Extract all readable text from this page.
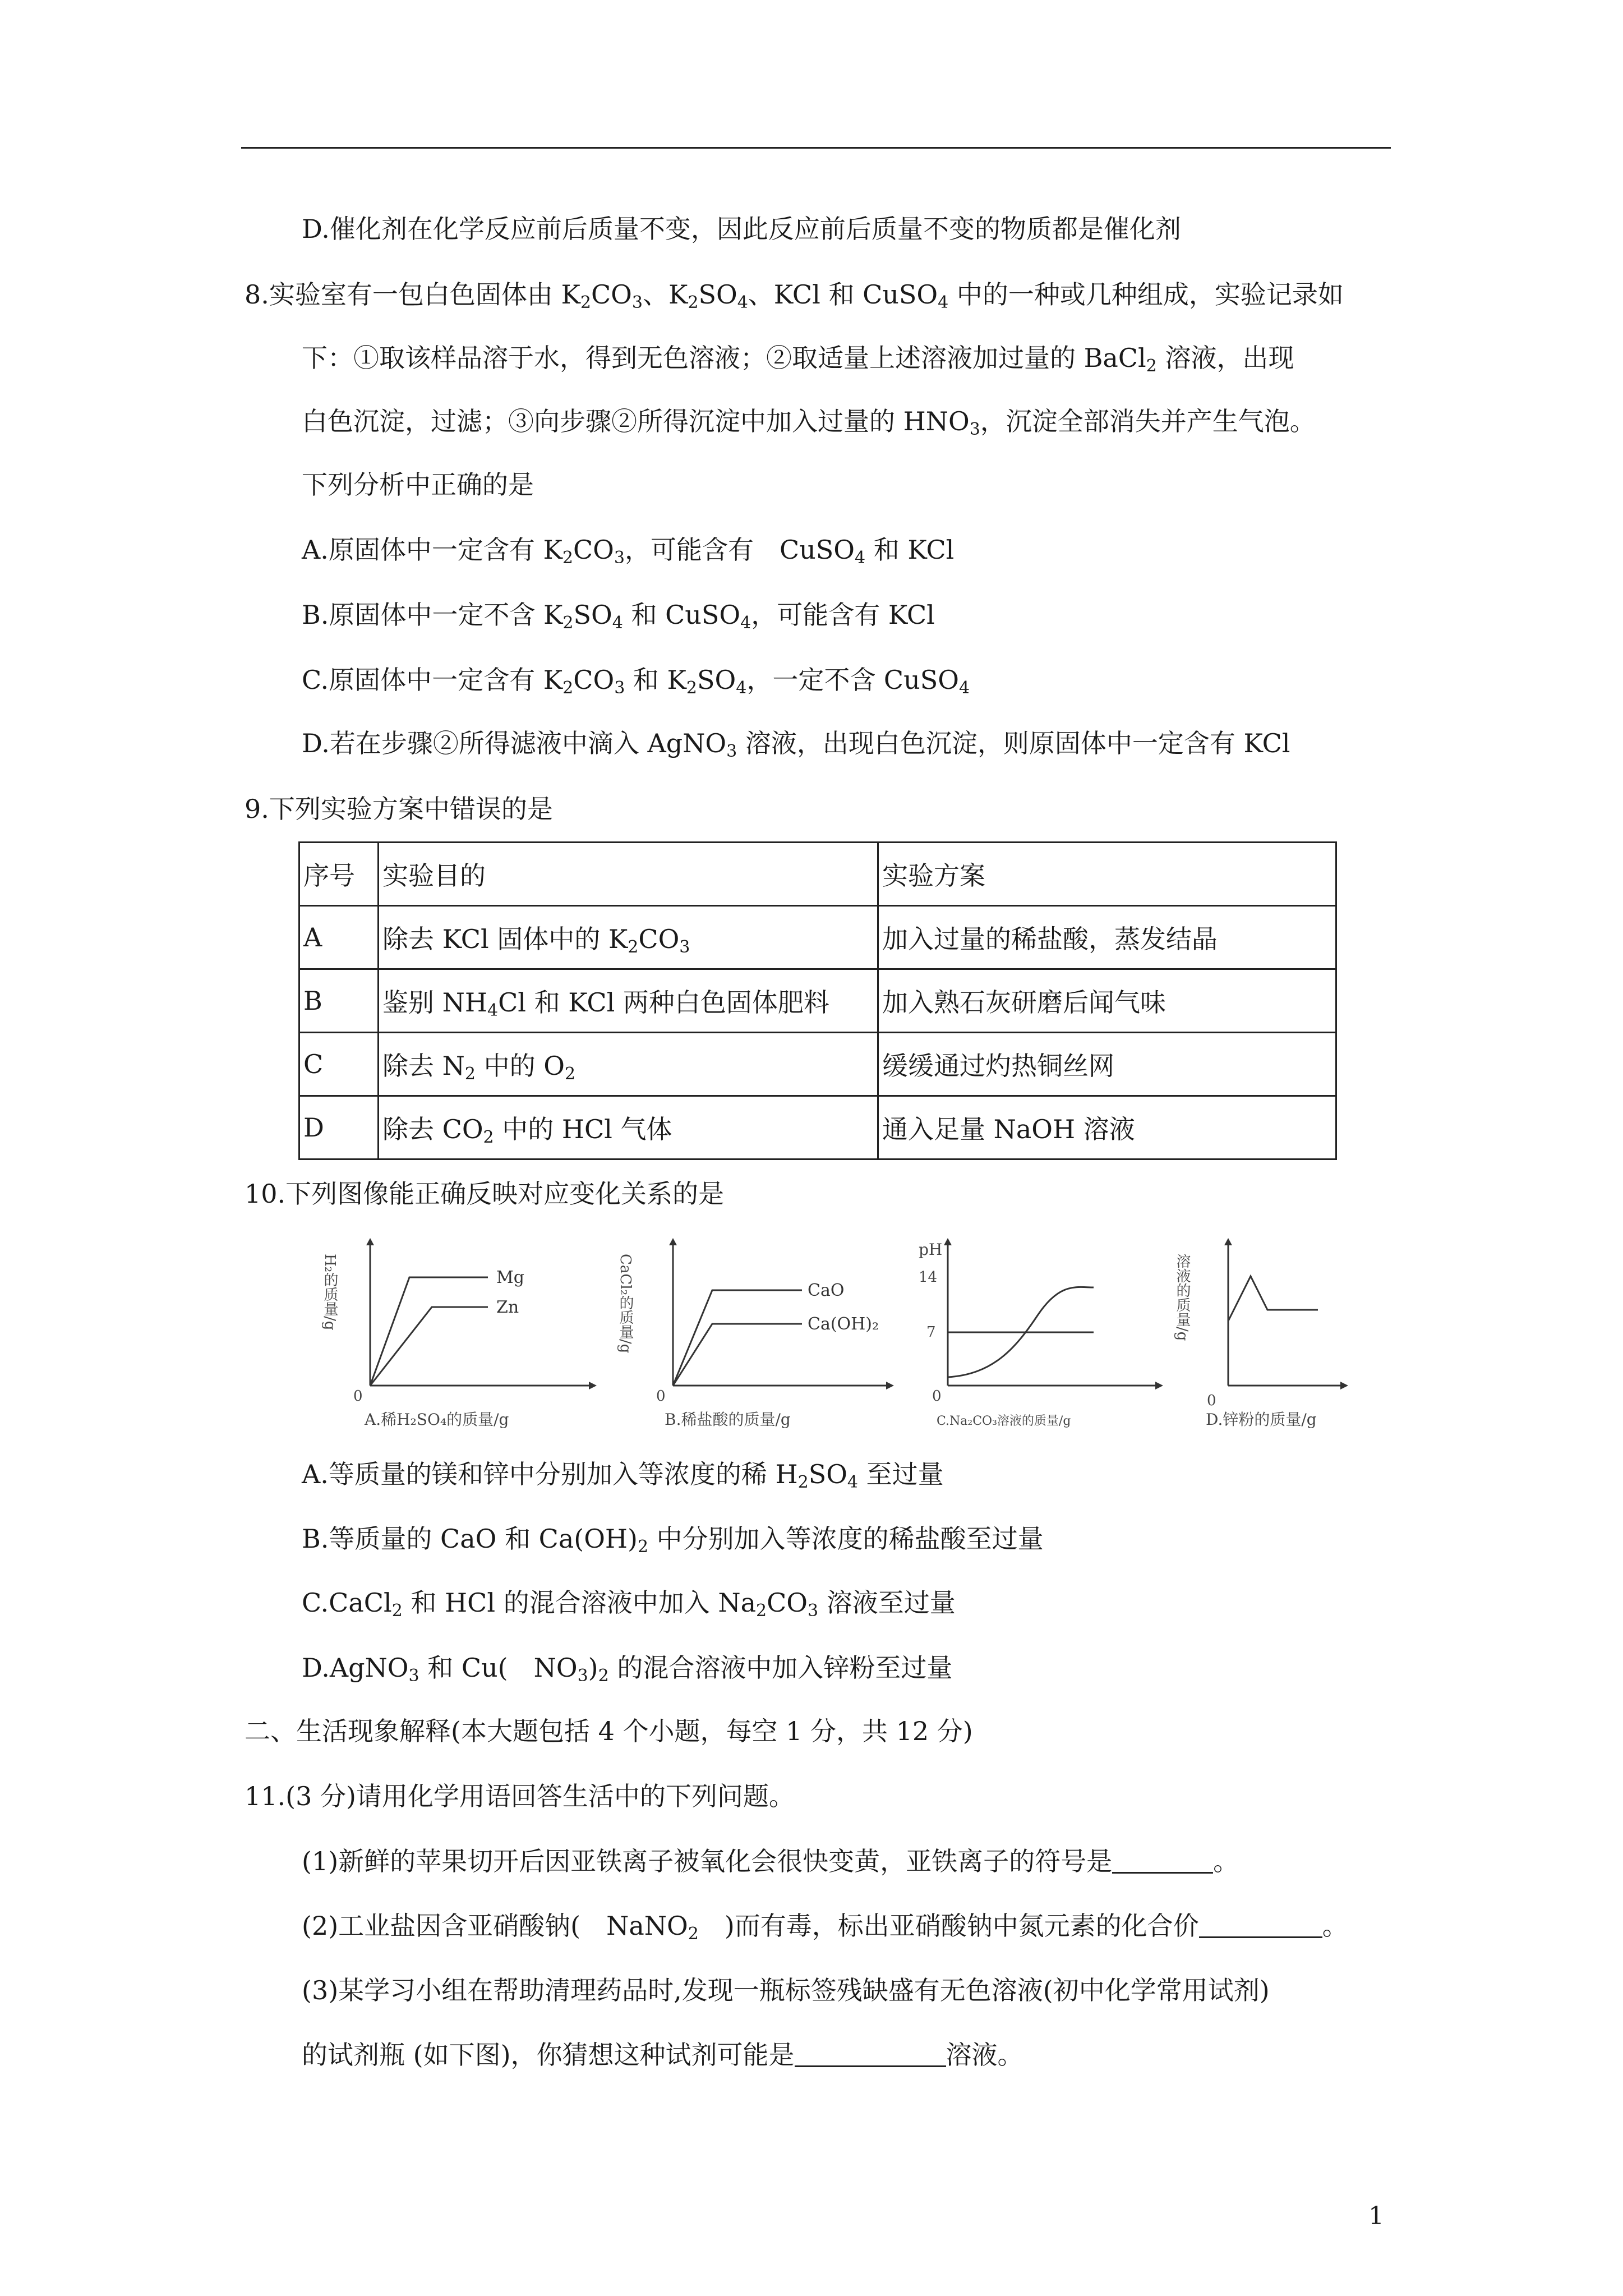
D.催化剂在化学反应前后质量不变，因此反应前后质量不变的物质都是催化剂
8.实验室有一包白色固体由 $K_2CO_3$、$K_2SO_4$、KCl 和 CuSO$_4$ 中的一种或几种组成，实验记录如
下：①取该样品溶于水，得到无色溶液；②取适量上述溶液加过量的 BaCl$_2$ 溶液，出现
白色沉淀，过滤；③向步骤②所得沉淀中加入过量的 $HNO_3$，沉淀全部消失并产生气泡。
下列分析中正确的是
A.原固体中一定含有 $K_2CO_3$，可能含有　CuSO$_4$ 和 KCl
B.原固体中一定不含 $K_2SO_4$ 和 CuSO$_4$，可能含有 KCl
C.原固体中一定含有 $K_2CO_3$ 和 $K_2SO_4$，一定不含 CuSO$_4$
D.若在步骤②所得滤液中滴入 AgNO$_3$ 溶液，出现白色沉淀，则原固体中一定含有 KCl
9.下列实验方案中错误的是
序号	实验目的	实验方案
A	除去 KCl 固体中的 $K_2CO_3$	加入过量的稀盐酸，蒸发结晶
B	鉴别 $NH_4Cl$ 和 KCl 两种白色固体肥料	加入熟石灰研磨后闻气味
C	除去 $N_2$ 中的 $O_2$	缓缓通过灼热铜丝网
D	除去 $CO_2$ 中的 HCl 气体	通入足量 NaOH 溶液
10.下列图像能正确反映对应变化关系的是
H₂的质量/g
0
Mg
Zn
A.稀H₂SO₄的质量/g
CaCl₂的质量/g
0
CaO
Ca(OH)₂
B.稀盐酸的质量/g
pH
14
7
0
C.Na₂CO₃溶液的质量/g
溶液的质量/g
0
D.锌粉的质量/g
A.等质量的镁和锌中分别加入等浓度的稀 $H_2SO_4$ 至过量
B.等质量的 CaO 和 $Ca(OH)_2$ 中分别加入等浓度的稀盐酸至过量
C.CaCl$_2$ 和 HCl 的混合溶液中加入 $Na_2CO_3$ 溶液至过量
D.AgNO$_3$ 和 Cu(　$NO_3)_2$ 的混合溶液中加入锌粉至过量
二、生活现象解释(本大题包括 4 个小题，每空 1 分，共 12 分)
11.(3 分)请用化学用语回答生活中的下列问题。
(1)新鲜的苹果切开后因亚铁离子被氧化会很快变黄，亚铁离子的符号是	。
(2)工业盐因含亚硝酸钠(　NaNO$_2$　)而有毒，标出亚硝酸钠中氮元素的化合价	。
(3)某学习小组在帮助清理药品时,发现一瓶标签残缺盛有无色溶液(初中化学常用试剂)
的试剂瓶 (如下图)，你猜想这种试剂可能是	溶液。
1
